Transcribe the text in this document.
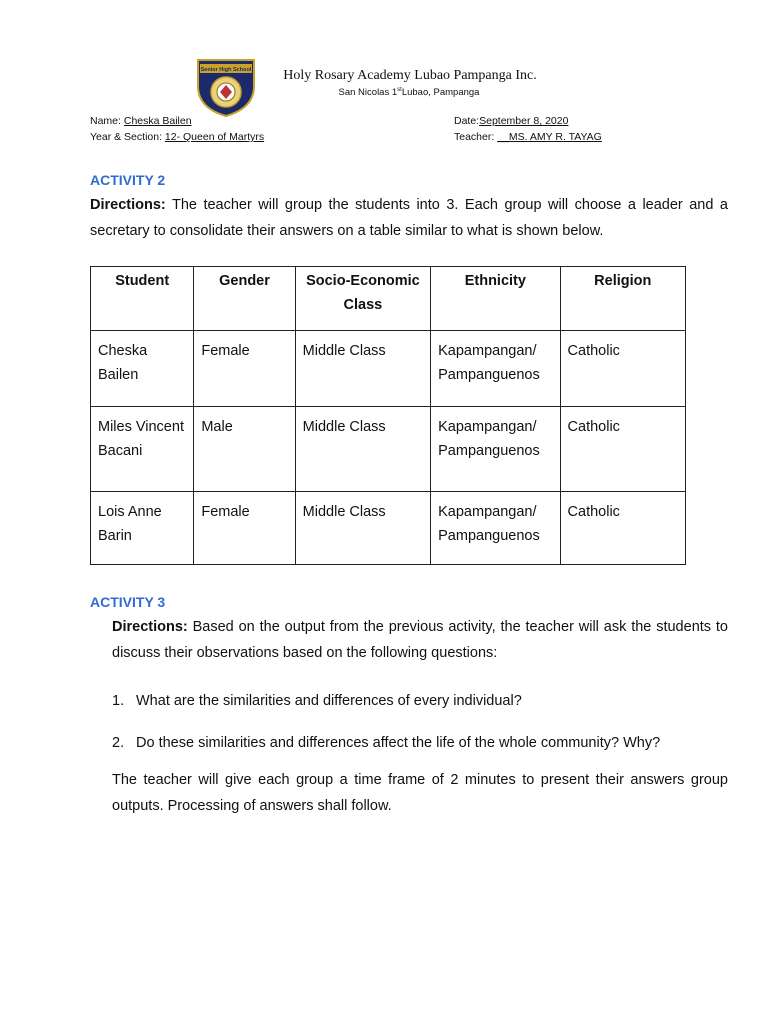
Senior High School	Holy Rosary Academy Lubao Pampanga Inc.
San Nicolas 1stLubao, Pampanga
Name: Cheska Bailen
Year & Section: 12- Queen of Martyrs
Date:September 8, 2020
Teacher: __MS. AMY R. TAYAG
ACTIVITY 2
Directions: The teacher will group the students into 3. Each group will choose a leader and a secretary to consolidate their answers on a table similar to what is shown below.
Student	Gender	Socio-Economic Class	Ethnicity	Religion
Cheska Bailen	Female	Middle Class	Kapampangan/ Pampanguenos	Catholic
Miles Vincent Bacani	Male	Middle Class	Kapampangan/ Pampanguenos	Catholic
Lois Anne Barin	Female	Middle Class	Kapampangan/ Pampanguenos	Catholic
ACTIVITY 3
Directions: Based on the output from the previous activity, the teacher will ask the students to discuss their observations based on the following questions:
1. What are the similarities and differences of every individual?
2. Do these similarities and differences affect the life of the whole community? Why?
The teacher will give each group a time frame of 2 minutes to present their answers group outputs. Processing of answers shall follow.
